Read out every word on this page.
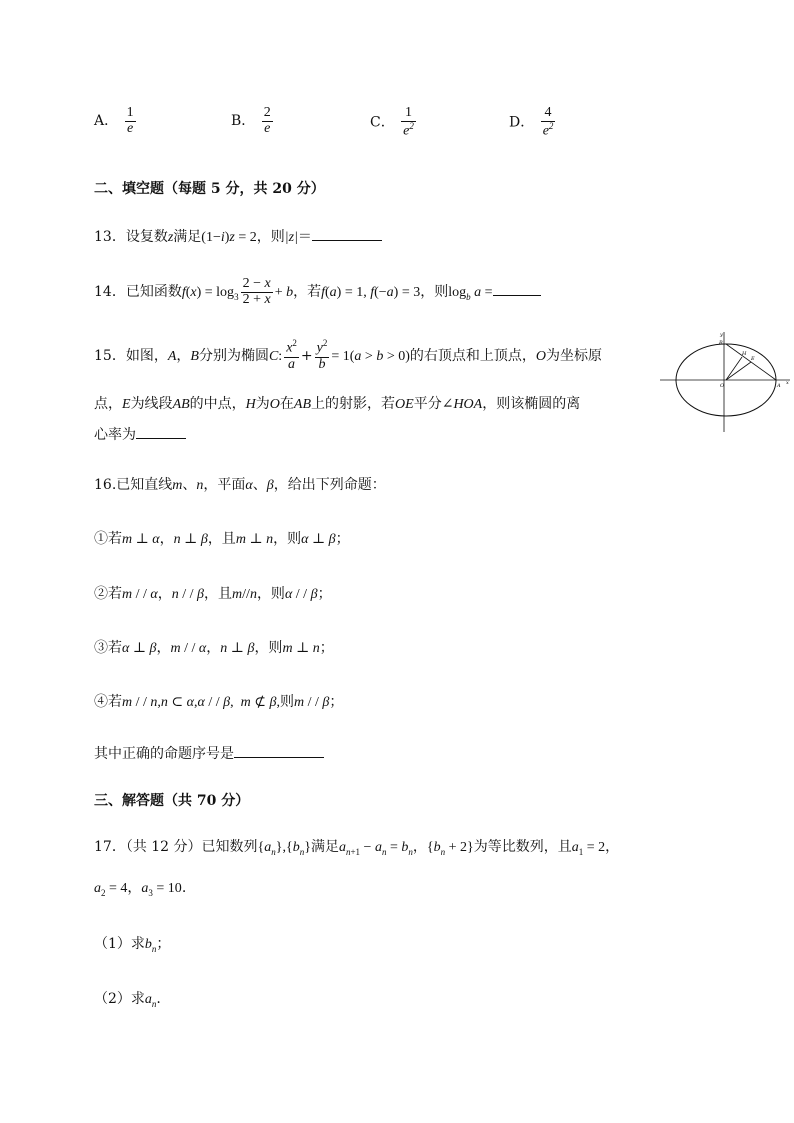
A． $\frac{1}{e}$	B． $\frac{2}{e}$	C． $\frac{1}{e^2}$	D． $\frac{4}{e^2}$
二、填空题（每题 5 分，共 20 分）
13．设复数z满足(1−i)z = 2，则|z|＝
14．已知函数$f(x) = \log_3 \frac{2 - x}{2 + x} + b$，若f(a) = 1, f(−a) = 3，则$\log_b a$ =
15．如图，A，B分别为椭圆C: $\frac{x^2}{a} + \frac{y^2}{b} = 1(a > b > 0)$的右顶点和上顶点，O为坐标原
点，E为线段AB的中点，H为O在AB上的射影，若OE平分∠HOA，则该椭圆的离
心率为
y
B
H
E
O	A x
16.已知直线m、n，平面α、β，给出下列命题：
①若m ⊥ α，n ⊥ β，且m ⊥ n，则α ⊥ β；
②若m / / α，n / / β，且m//n，则α / / β；
③若α ⊥ β，m / / α，n ⊥ β，则m ⊥ n；
④若m / / n,n ⊂ α,α / / β,  m ⊄ β,则m / / β；
其中正确的命题序号是
三、解答题（共 70 分）
17．（共 12 分）已知数列$\{a_n\},\{b_n\}$满足$a_{n+1} - a_n = b_n$，$\{b_n + 2\}$为等比数列，且$a_1 = 2$，
$a_2 = 4$，$a_3 = 10$.
（1）求$b_n$；
（2）求$a_n$.
